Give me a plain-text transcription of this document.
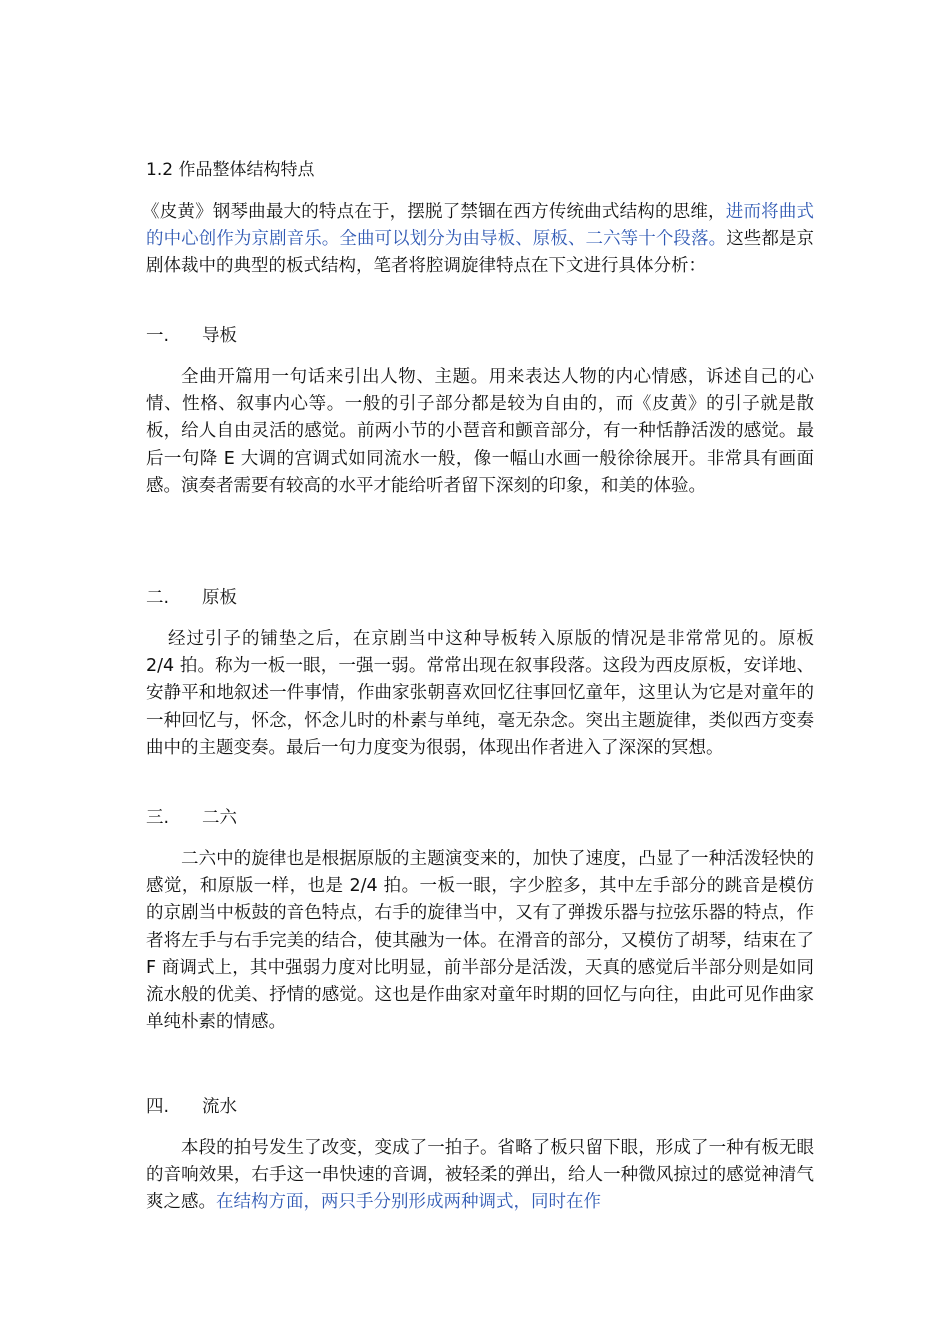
1.2 作品整体结构特点

《皮黄》钢琴曲最大的特点在于，摆脱了禁锢在西方传统曲式结构的思维，进而将曲式的中心创作为京剧音乐。全曲可以划分为由导板、原板、二六等十个段落。这些都是京剧体裁中的典型的板式结构，笔者将腔调旋律特点在下文进行具体分析：

一. 导板

全曲开篇用一句话来引出人物、主题。用来表达人物的内心情感，诉述自己的心情、性格、叙事内心等。一般的引子部分都是较为自由的，而《皮黄》的引子就是散板，给人自由灵活的感觉。前两小节的小琶音和颤音部分，有一种恬静活泼的感觉。最后一句降 E 大调的宫调式如同流水一般，像一幅山水画一般徐徐展开。非常具有画面感。演奏者需要有较高的水平才能给听者留下深刻的印象，和美的体验。

二. 原板

经过引子的铺垫之后，在京剧当中这种导板转入原版的情况是非常常见的。原板 2/4 拍。称为一板一眼，一强一弱。常常出现在叙事段落。这段为西皮原板，安详地、安静平和地叙述一件事情，作曲家张朝喜欢回忆往事回忆童年，这里认为它是对童年的一种回忆与，怀念，怀念儿时的朴素与单纯，毫无杂念。突出主题旋律，类似西方变奏曲中的主题变奏。最后一句力度变为很弱，体现出作者进入了深深的冥想。

三. 二六

二六中的旋律也是根据原版的主题演变来的，加快了速度，凸显了一种活泼轻快的感觉，和原版一样，也是 2/4 拍。一板一眼，字少腔多，其中左手部分的跳音是模仿的京剧当中板鼓的音色特点，右手的旋律当中，又有了弹拨乐器与拉弦乐器的特点，作者将左手与右手完美的结合，使其融为一体。在滑音的部分，又模仿了胡琴，结束在了 F 商调式上，其中强弱力度对比明显，前半部分是活泼，天真的感觉后半部分则是如同流水般的优美、抒情的感觉。这也是作曲家对童年时期的回忆与向往，由此可见作曲家单纯朴素的情感。

四. 流水

本段的拍号发生了改变，变成了一拍子。省略了板只留下眼，形成了一种有板无眼的音响效果，右手这一串快速的音调，被轻柔的弹出，给人一种微风掠过的感觉神清气爽之感。在结构方面，两只手分别形成两种调式，同时在作
